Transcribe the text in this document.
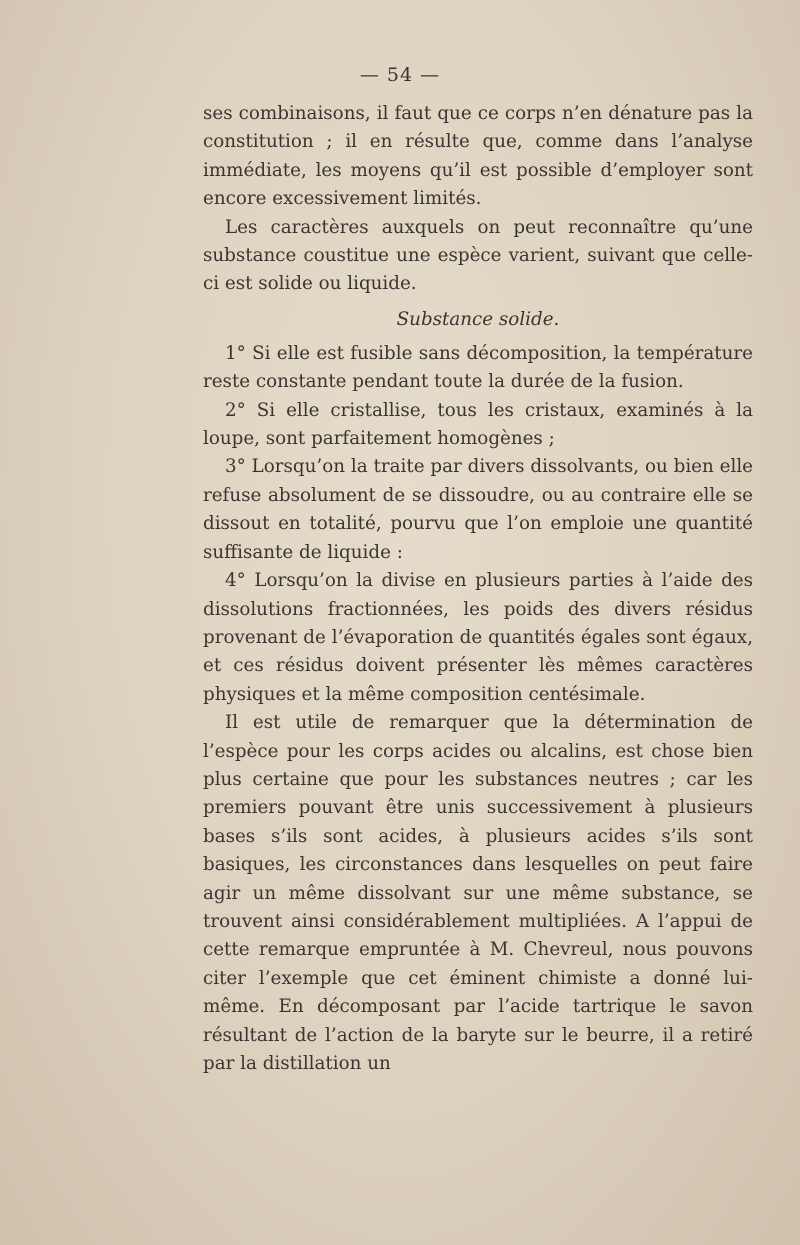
— 54 —

ses combinaisons, il faut que ce corps n’en dénature pas la constitution ; il en résulte que, comme dans l’analyse immédiate, les moyens qu’il est possible d’employer sont encore excessivement limités.

Les caractères auxquels on peut reconnaître qu’une substance coustitue une espèce varient, suivant que celle-ci est solide ou liquide.

Substance solide.

1° Si elle est fusible sans décomposition, la température reste constante pendant toute la durée de la fusion.

2° Si elle cristallise, tous les cristaux, examinés à la loupe, sont parfaitement homogènes ;

3° Lorsqu’on la traite par divers dissolvants, ou bien elle refuse absolument de se dissoudre, ou au contraire elle se dissout en totalité, pourvu que l’on emploie une quantité suffisante de liquide :

4° Lorsqu’on la divise en plusieurs parties à l’aide des dissolutions fractionnées, les poids des divers résidus provenant de l’évaporation de quantités égales sont égaux, et ces résidus doivent présenter lès mêmes caractères physiques et la même composition centésimale.

Il est utile de remarquer que la détermination de l’espèce pour les corps acides ou alcalins, est chose bien plus certaine que pour les substances neutres ; car les premiers pouvant être unis successivement à plusieurs bases s’ils sont acides, à plusieurs acides s’ils sont basiques, les circonstances dans lesquelles on peut faire agir un même dissolvant sur une même substance, se trouvent ainsi considérablement multipliées. A l’appui de cette remarque empruntée à M. Chevreul, nous pouvons citer l’exemple que cet éminent chimiste a donné lui-même. En décomposant par l’acide tartrique le savon résultant de l’action de la baryte sur le beurre, il a retiré par la distillation un
